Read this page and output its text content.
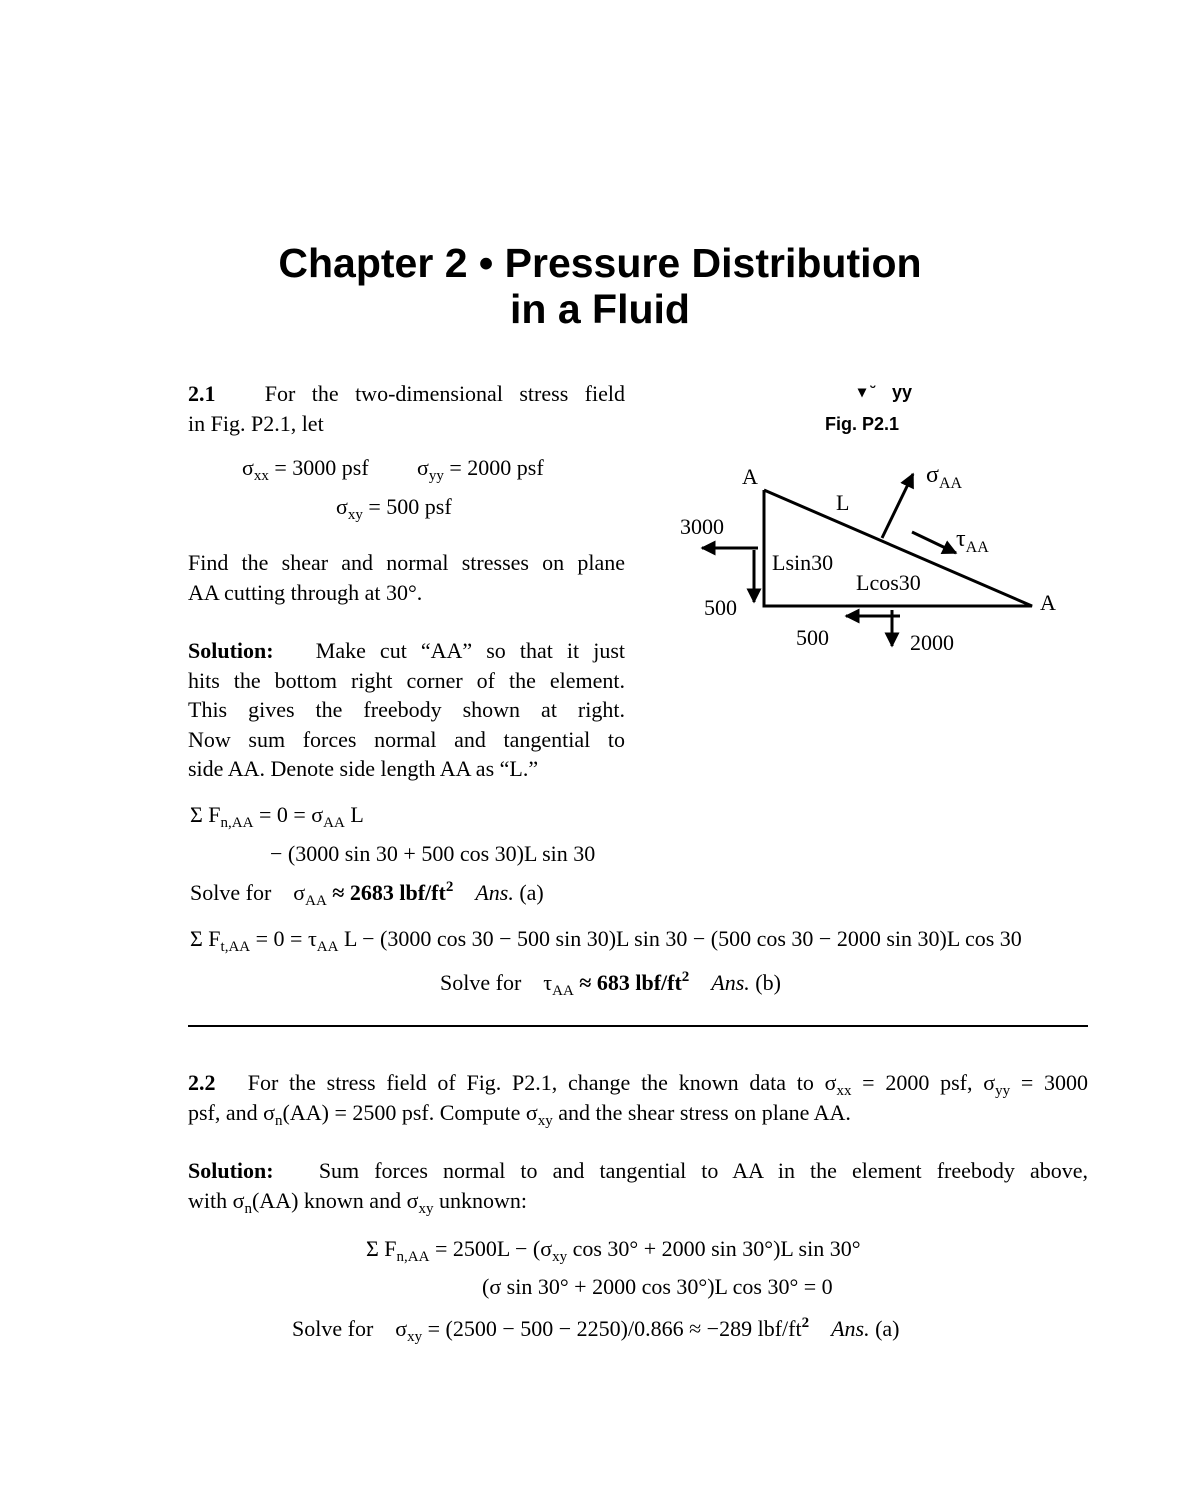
Chapter 2 • Pressure Distribution
in a Fluid
2.1 For the two-dimensional stress field
in Fig. P2.1, let
$\sigma_{xx} = 3000$ psf $\sigma_{yy} = 2000$ psf
$\sigma_{xy} = 500$ psf
Find the shear and normal stresses on plane
AA cutting through at 30°.
Solution: Make cut “AA” so that it just
hits the bottom right corner of the element.
This gives the freebody shown at right.
Now sum forces normal and tangential to
side AA. Denote side length AA as “L.”
Σ $F_{n,AA} = 0 = \sigma_{AA}$ L
− (3000 sin 30 + 500 cos 30)L sin 30
Solve for    $\sigma_{AA} \approx 2683$ lbf/$ft^2$ Ans. (a)
Σ $F_{t,AA} = 0 = \tau_{AA}$ L − (3000 cos 30 − 500 sin 30)L sin 30 − (500 cos 30 − 2000 sin 30)L cos 30
Solve for    $\tau_{AA} \approx 683$ lbf/$ft^2$ Ans. (b)
▾ ˘ yy
Fig. P2.1
A
A
L
$\sigma_{AA}$
$\tau_{AA}$
3000
500
500	2000
Lsin30
Lcos30
2.2 For the stress field of Fig. P2.1, change the known data to $\sigma_{xx} = 2000$ psf, $\sigma_{yy} = 3000$
psf, and $\sigma_n(AA) = 2500$ psf. Compute $\sigma_{xy}$ and the shear stress on plane AA.
Solution: Sum forces normal to and tangential to AA in the element freebody above,
with $\sigma_n(AA)$ known and $\sigma_{xy}$ unknown:
Σ $F_{n,AA} = 2500L - (\sigma_{xy}$ cos 30° + 2000 sin 30°)L sin 30°
(σ sin 30° + 2000 cos 30°)L cos 30° = 0
Solve for    $\sigma_{xy} = (2500 - 500 - 2250)/0.866 \approx -289$ lbf/$ft^2$ Ans. (a)
